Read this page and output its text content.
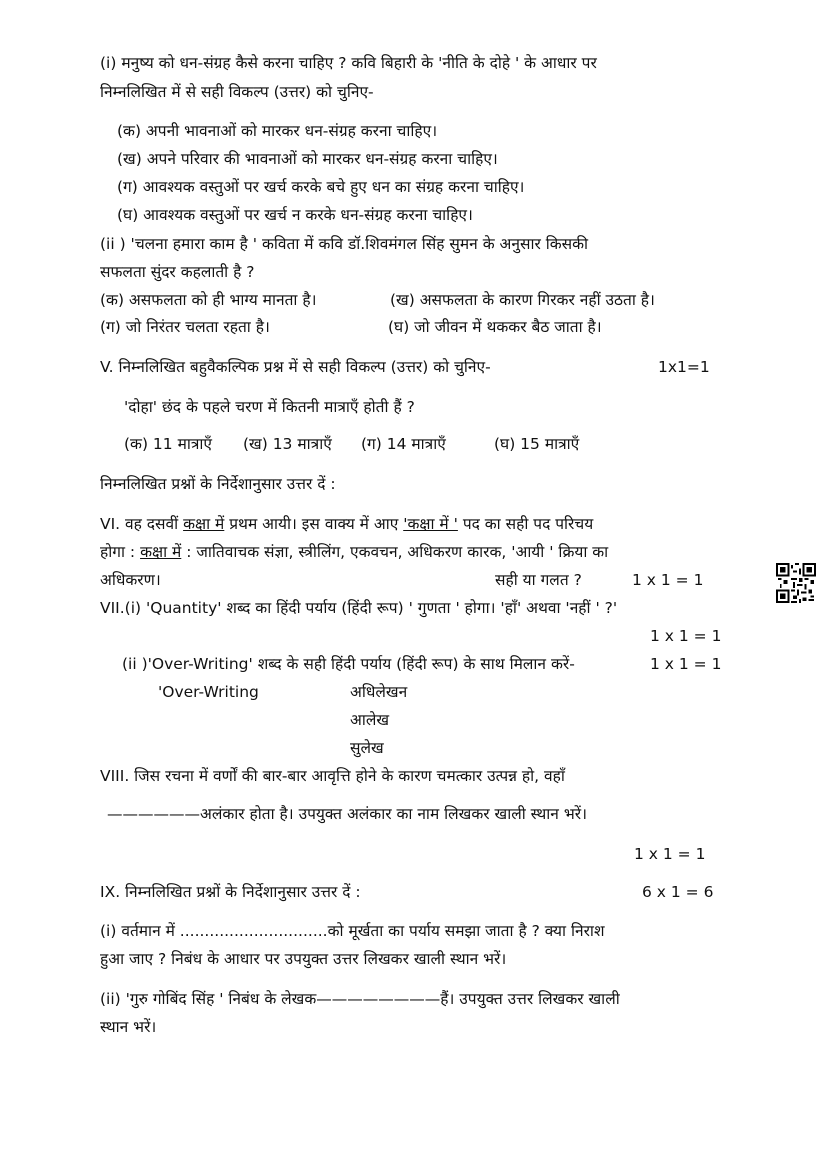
(i) मनुष्य को धन-संग्रह कैसे करना चाहिए ? कवि बिहारी के 'नीति के दोहे ' के आधार पर
निम्नलिखित में से सही विकल्प (उत्तर) को चुनिए-
(क) अपनी भावनाओं को मारकर धन-संग्रह करना चाहिए।
(ख) अपने परिवार की भावनाओं को मारकर धन-संग्रह करना चाहिए।
(ग) आवश्यक वस्तुओं पर खर्च करके बचे हुए धन का संग्रह करना चाहिए।
(घ) आवश्यक वस्तुओं पर खर्च न करके धन-संग्रह करना चाहिए।
(ii ) 'चलना हमारा काम है ' कविता में कवि डॉ.शिवमंगल सिंह सुमन के अनुसार किसकी
सफलता सुंदर कहलाती है ?
(क) असफलता को ही भाग्य मानता है।	(ख) असफलता के कारण गिरकर नहीं उठता है।
(ग) जो निरंतर चलता रहता है।	(घ) जो जीवन में थककर बैठ जाता है।
V. निम्नलिखित बहुवैकल्पिक प्रश्न में से सही विकल्प (उत्तर) को चुनिए-	1x1=1
'दोहा' छंद के पहले चरण में कितनी मात्राएँ होती हैं ?
(क) 11 मात्राएँ (ख) 13 मात्राएँ (ग) 14 मात्राएँ	(घ) 15 मात्राएँ
निम्नलिखित प्रश्नों के निर्देशानुसार उत्तर दें :
VI. वह दसवीं कक्षा में प्रथम आयी। इस वाक्य में आए 'कक्षा में ' पद का सही पद परिचय
होगा : कक्षा में : जातिवाचक संज्ञा, स्त्रीलिंग, एकवचन, अधिकरण कारक, 'आयी ' क्रिया का
अधिकरण।	सही या गलत ?	1 x 1 = 1
VII.(i) 'Quantity' शब्द का हिंदी पर्याय (हिंदी रूप) ' गुणता ' होगा। 'हाँ' अथवा 'नहीं ' ?'
1 x 1 = 1
(ii )'Over-Writing' शब्द के सही हिंदी पर्याय (हिंदी रूप) के साथ मिलान करें-	1 x 1 = 1
'Over-Writing	अधिलेखन
आलेख
सुलेख
VIII. जिस रचना में वर्णों की बार-बार आवृत्ति होने के कारण चमत्कार उत्पन्न हो, वहाँ
——————अलंकार होता है। उपयुक्त अलंकार का नाम लिखकर खाली स्थान भरें।
1 x 1 = 1
IX. निम्नलिखित प्रश्नों के निर्देशानुसार उत्तर दें :	6 x 1 = 6
(i) वर्तमान में ..............................को मूर्खता का पर्याय समझा जाता है ? क्या निराश
हुआ जाए ? निबंध के आधार पर उपयुक्त उत्तर लिखकर खाली स्थान भरें।
(ii) 'गुरु गोबिंद सिंह ' निबंध के लेखक————————हैं। उपयुक्त उत्तर लिखकर खाली
स्थान भरें।
